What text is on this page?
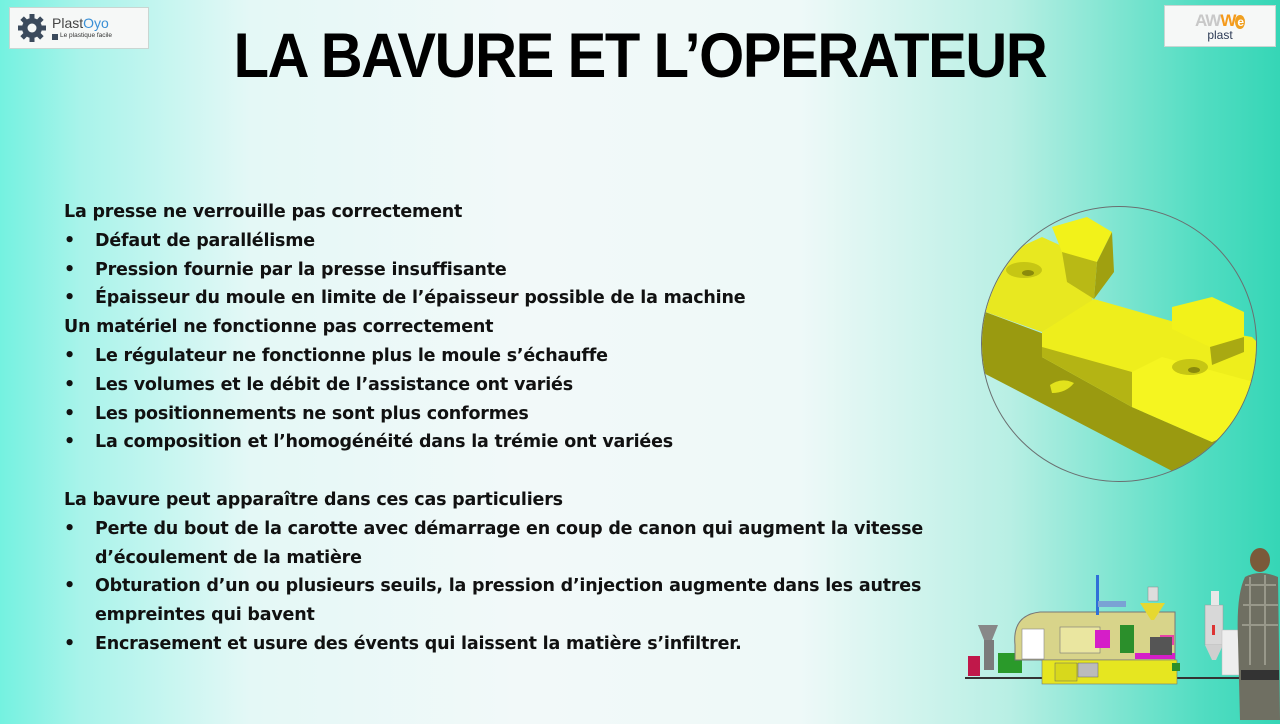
PlastOyo
Le plastique facile
AWW e
plast
LA BAVURE ET L’OPERATEUR

La presse ne verrouille pas correctement

•	Défaut de parallélisme
•	Pression fournie par la presse insuffisante
•	Épaisseur du moule en limite de l’épaisseur possible de la machine

Un matériel ne fonctionne pas correctement

•	Le régulateur ne fonctionne plus le moule s’échauffe
•	Les volumes et le débit de l’assistance ont variés
•	Les positionnements ne sont plus conformes
•	La composition et l’homogénéité dans la trémie ont variées

La bavure peut apparaître dans ces cas particuliers

•	Perte du bout de la carotte avec démarrage en coup de canon qui augment la vitesse d’écoulement de la matière
•	Obturation d’un ou plusieurs seuils, la pression d’injection augmente dans les autres empreintes qui bavent
•	Encrasement et usure des évents qui laissent la matière s’infiltrer.
